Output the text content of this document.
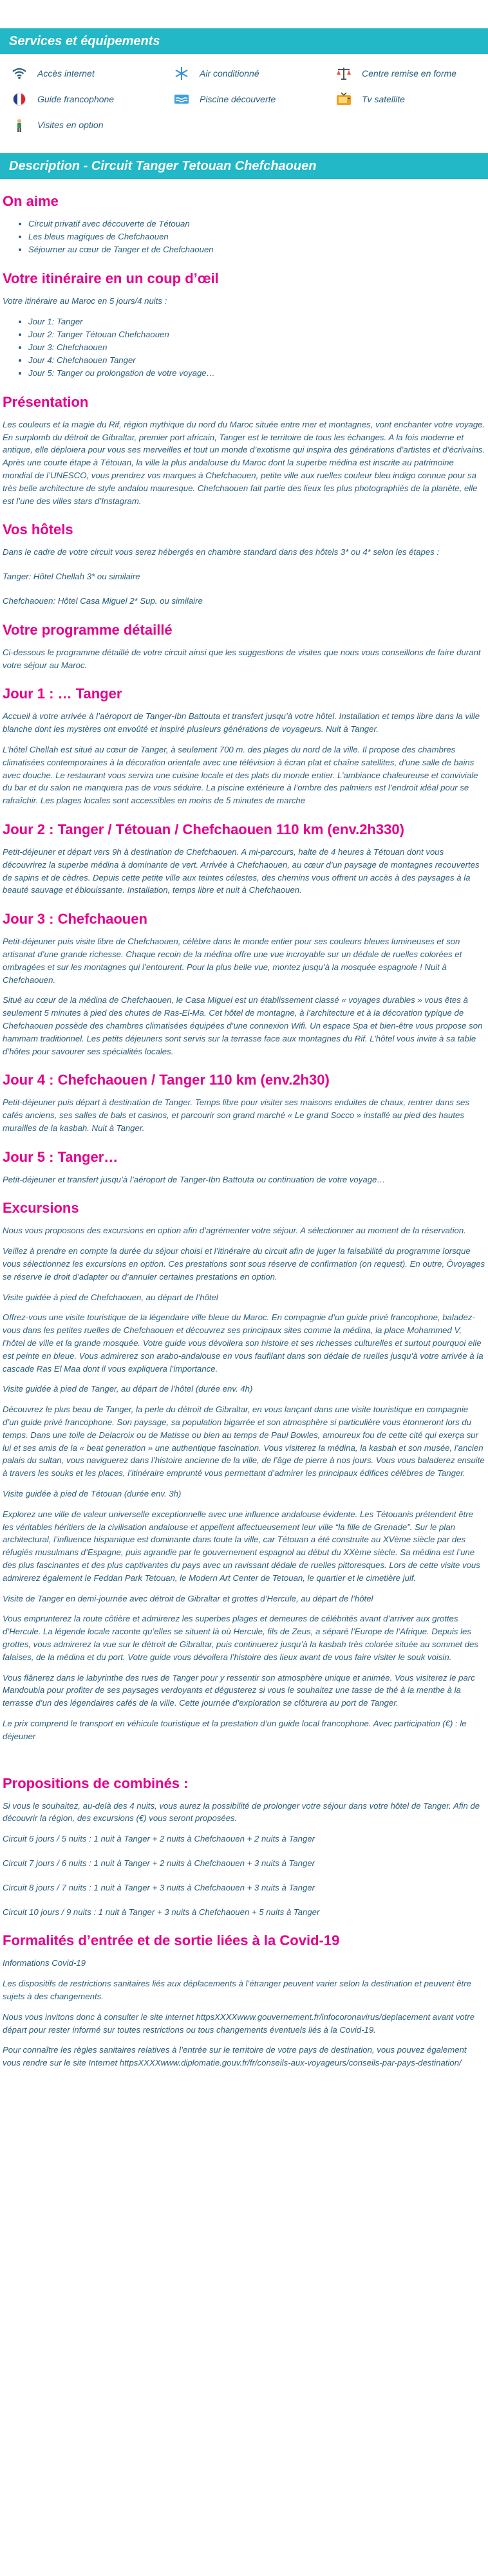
Services et équipements
Accès internet	Air conditionné	Centre remise en forme
Guide francophone	Piscine découverte	Tv satellite
Visites en option
Description - Circuit Tanger Tetouan Chefchaouen
On aime
• Circuit privatif avec découverte de Tétouan
• Les bleus magiques de Chefchaouen
• Séjourner au cœur de Tanger et de Chefchaouen
Votre itinéraire en un coup d’œil

Votre itinéraire au Maroc en 5 jours/4 nuits :

• Jour 1: Tanger
• Jour 2: Tanger Tétouan Chefchaouen
• Jour 3: Chefchaouen
• Jour 4: Chefchaouen Tanger
• Jour 5: Tanger ou prolongation de votre voyage…
Présentation

Les couleurs et la magie du Rif, région mythique du nord du Maroc située entre mer et montagnes, vont enchanter votre voyage. En surplomb du détroit de Gibraltar, premier port africain, Tanger est le territoire de tous les échanges. A la fois moderne et antique, elle déploiera pour vous ses merveilles et tout un monde d’exotisme qui inspira des générations d’artistes et d’écrivains. Après une courte étape à Tétouan, la ville la plus andalouse du Maroc dont la superbe médina est inscrite au patrimoine mondial de l’UNESCO, vous prendrez vos marques à Chefchaouen, petite ville aux ruelles couleur bleu indigo connue pour sa très belle architecture de style andalou mauresque. Chefchaouen fait partie des lieux les plus photographiés de la planète, elle est l’une des villes stars d’Instagram.

Vos hôtels

Dans le cadre de votre circuit vous serez hébergés en chambre standard dans des hôtels 3* ou 4* selon les étapes :

Tanger: Hôtel Chellah 3* ou similaire

Chefchaouen: Hôtel Casa Miguel 2* Sup. ou similaire

Votre programme détaillé

Ci-dessous le programme détaillé de votre circuit ainsi que les suggestions de visites que nous vous conseillons de faire durant votre séjour au Maroc.

Jour 1 : … Tanger

Accueil à votre arrivée à l’aéroport de Tanger-Ibn Battouta et transfert jusqu’à votre hôtel. Installation et temps libre dans la ville blanche dont les mystères ont envoûté et inspiré plusieurs générations de voyageurs. Nuit à Tanger.

L’hôtel Chellah est situé au cœur de Tanger, à seulement 700 m. des plages du nord de la ville. Il propose des chambres climatisées contemporaines à la décoration orientale avec une télévision à écran plat et chaîne satellites, d’une salle de bains avec douche. Le restaurant vous servira une cuisine locale et des plats du monde entier. L’ambiance chaleureuse et conviviale du bar et du salon ne manquera pas de vous séduire. La piscine extérieure à l’ombre des palmiers est l’endroit idéal pour se rafraîchir. Les plages locales sont accessibles en moins de 5 minutes de marche

Jour 2 : Tanger / Tétouan / Chefchaouen 110 km (env.2h330)

Petit-déjeuner et départ vers 9h à destination de Chefchaouen. A mi-parcours, halte de 4 heures à Tétouan dont vous découvrirez la superbe médina à dominante de vert. Arrivée à Chefchaouen, au cœur d’un paysage de montagnes recouvertes de sapins et de cèdres. Depuis cette petite ville aux teintes célestes, des chemins vous offrent un accès à des paysages à la beauté sauvage et éblouissante. Installation, temps libre et nuit à Chefchaouen.

Jour 3 : Chefchaouen

Petit-déjeuner puis visite libre de Chefchaouen, célèbre dans le monde entier pour ses couleurs bleues lumineuses et son artisanat d’une grande richesse. Chaque recoin de la médina offre une vue incroyable sur un dédale de ruelles colorées et ombragées et sur les montagnes qui l’entourent. Pour la plus belle vue, montez jusqu’à la mosquée espagnole ! Nuit à Chefchaouen.

Situé au cœur de la médina de Chefchaouen, le Casa Miguel est un établissement classé « voyages durables » vous êtes à seulement 5 minutes à pied des chutes de Ras-El-Ma. Cet hôtel de montagne, à l’architecture et à la décoration typique de Chefchaouen possède des chambres climatisées équipées d’une connexion Wifi. Un espace Spa et bien-être vous propose son hammam traditionnel. Les petits déjeuners sont servis sur la terrasse face aux montagnes du Rif. L’hôtel vous invite à sa table d’hôtes pour savourer ses spécialités locales.

Jour 4 : Chefchaouen / Tanger 110 km (env.2h30)

Petit-déjeuner puis départ à destination de Tanger. Temps libre pour visiter ses maisons enduites de chaux, rentrer dans ses cafés anciens, ses salles de bals et casinos, et parcourir son grand marché « Le grand Socco » installé au pied des hautes murailles de la kasbah. Nuit à Tanger.

Jour 5 : Tanger…

Petit-déjeuner et transfert jusqu’à l’aéroport de Tanger-Ibn Battouta ou continuation de votre voyage…

Excursions

Nous vous proposons des excursions en option afin d’agrémenter votre séjour. A sélectionner au moment de la réservation.

Veillez à prendre en compte la durée du séjour choisi et l’itinéraire du circuit afin de juger la faisabilité du programme lorsque vous sélectionnez les excursions en option. Ces prestations sont sous réserve de confirmation (on request). En outre, Ôvoyages se réserve le droit d’adapter ou d’annuler certaines prestations en option.

Visite guidée à pied de Chefchaouen, au départ de l’hôtel

Offrez-vous une visite touristique de la légendaire ville bleue du Maroc. En compagnie d’un guide privé francophone, baladez-vous dans les petites ruelles de Chefchaouen et découvrez ses principaux sites comme la médina, la place Mohammed V, l’hôtel de ville et la grande mosquée. Votre guide vous dévoilera son histoire et ses richesses culturelles et surtout pourquoi elle est peinte en bleue. Vous admirerez son arabo-andalouse en vous faufilant dans son dédale de ruelles jusqu’à votre arrivée à la cascade Ras El Maa dont il vous expliquera l’importance.

Visite guidée à pied de Tanger, au départ de l’hôtel (durée env. 4h)

Découvrez le plus beau de Tanger, la perle du détroit de Gibraltar, en vous lançant dans une visite touristique en compagnie d’un guide privé francophone. Son paysage, sa population bigarrée et son atmosphère si particulière vous étonneront lors du temps. Dans une toile de Delacroix ou de Matisse ou bien au temps de Paul Bowles, amoureux fou de cette cité qui exerça sur lui et ses amis de la « beat generation » une authentique fascination. Vous visiterez la médina, la kasbah et son musée, l’ancien palais du sultan, vous naviguerez dans l’histoire ancienne de la ville, de l’âge de pierre à nos jours. Vous vous baladerez ensuite à travers les souks et les places, l’itinéraire emprunté vous permettant d’admirer les principaux édifices célèbres de Tanger.

Visite guidée à pied de Tétouan (durée env. 3h)

Explorez une ville de valeur universelle exceptionnelle avec une influence andalouse évidente. Les Tétouanis prétendent être les véritables héritiers de la civilisation andalouse et appellent affectueusement leur ville “la fille de Grenade”. Sur le plan architectural, l’influence hispanique est dominante dans toute la ville, car Tétouan a été construite au XVème siècle par des réfugiés musulmans d’Espagne, puis agrandie par le gouvernement espagnol au début du XXème siècle. Sa médina est l’une des plus fascinantes et des plus captivantes du pays avec un ravissant dédale de ruelles pittoresques. Lors de cette visite vous admirerez également le Feddan Park Tetouan, le Modern Art Center de Tetouan, le quartier et le cimetière juif.

Visite de Tanger en demi-journée avec détroit de Gibraltar et grottes d’Hercule, au départ de l’hôtel

Vous emprunterez la route côtière et admirerez les superbes plages et demeures de célébrités avant d’arriver aux grottes d’Hercule. La légende locale raconte qu’elles se situent là où Hercule, fils de Zeus, a séparé l’Europe de l’Afrique. Depuis les grottes, vous admirerez la vue sur le détroit de Gibraltar, puis continuerez jusqu’à la kasbah très colorée située au sommet des falaises, de la médina et du port. Votre guide vous dévoilera l’histoire des lieux avant de vous faire visiter le souk voisin.

Vous flânerez dans le labyrinthe des rues de Tanger pour y ressentir son atmosphère unique et animée. Vous visiterez le parc Mandoubia pour profiter de ses paysages verdoyants et dégusterez si vous le souhaitez une tasse de thé à la menthe à la terrasse d’un des légendaires cafés de la ville. Cette journée d’exploration se clôturera au port de Tanger.

Le prix comprend le transport en véhicule touristique et la prestation d’un guide local francophone. Avec participation (€) : le déjeuner

Propositions de combinés :

Si vous le souhaitez, au-delà des 4 nuits, vous aurez la possibilité de prolonger votre séjour dans votre hôtel de Tanger. Afin de découvrir la région, des excursions (€) vous seront proposées.

Circuit 6 jours / 5 nuits : 1 nuit à Tanger + 2 nuits à Chefchaouen + 2 nuits à Tanger

Circuit 7 jours / 6 nuits : 1 nuit à Tanger + 2 nuits à Chefchaouen + 3 nuits à Tanger

Circuit 8 jours / 7 nuits : 1 nuit à Tanger + 3 nuits à Chefchaouen + 3 nuits à Tanger

Circuit 10 jours / 9 nuits : 1 nuit à Tanger + 3 nuits à Chefchaouen + 5 nuits à Tanger

Formalités d’entrée et de sortie liées à la Covid-19

Informations Covid-19

Les dispositifs de restrictions sanitaires liés aux déplacements à l’étranger peuvent varier selon la destination et peuvent être sujets à des changements.

Nous vous invitons donc à consulter le site internet httpsXXXXwww.gouvernement.fr/infocoronavirus/deplacement avant votre départ pour rester informé sur toutes restrictions ou tous changements éventuels liés à la Covid-19.

Pour connaître les règles sanitaires relatives à l’entrée sur le territoire de votre pays de destination, vous pouvez également vous rendre sur le site Internet httpsXXXXwww.diplomatie.gouv.fr/fr/conseils-aux-voyageurs/conseils-par-pays-destination/
